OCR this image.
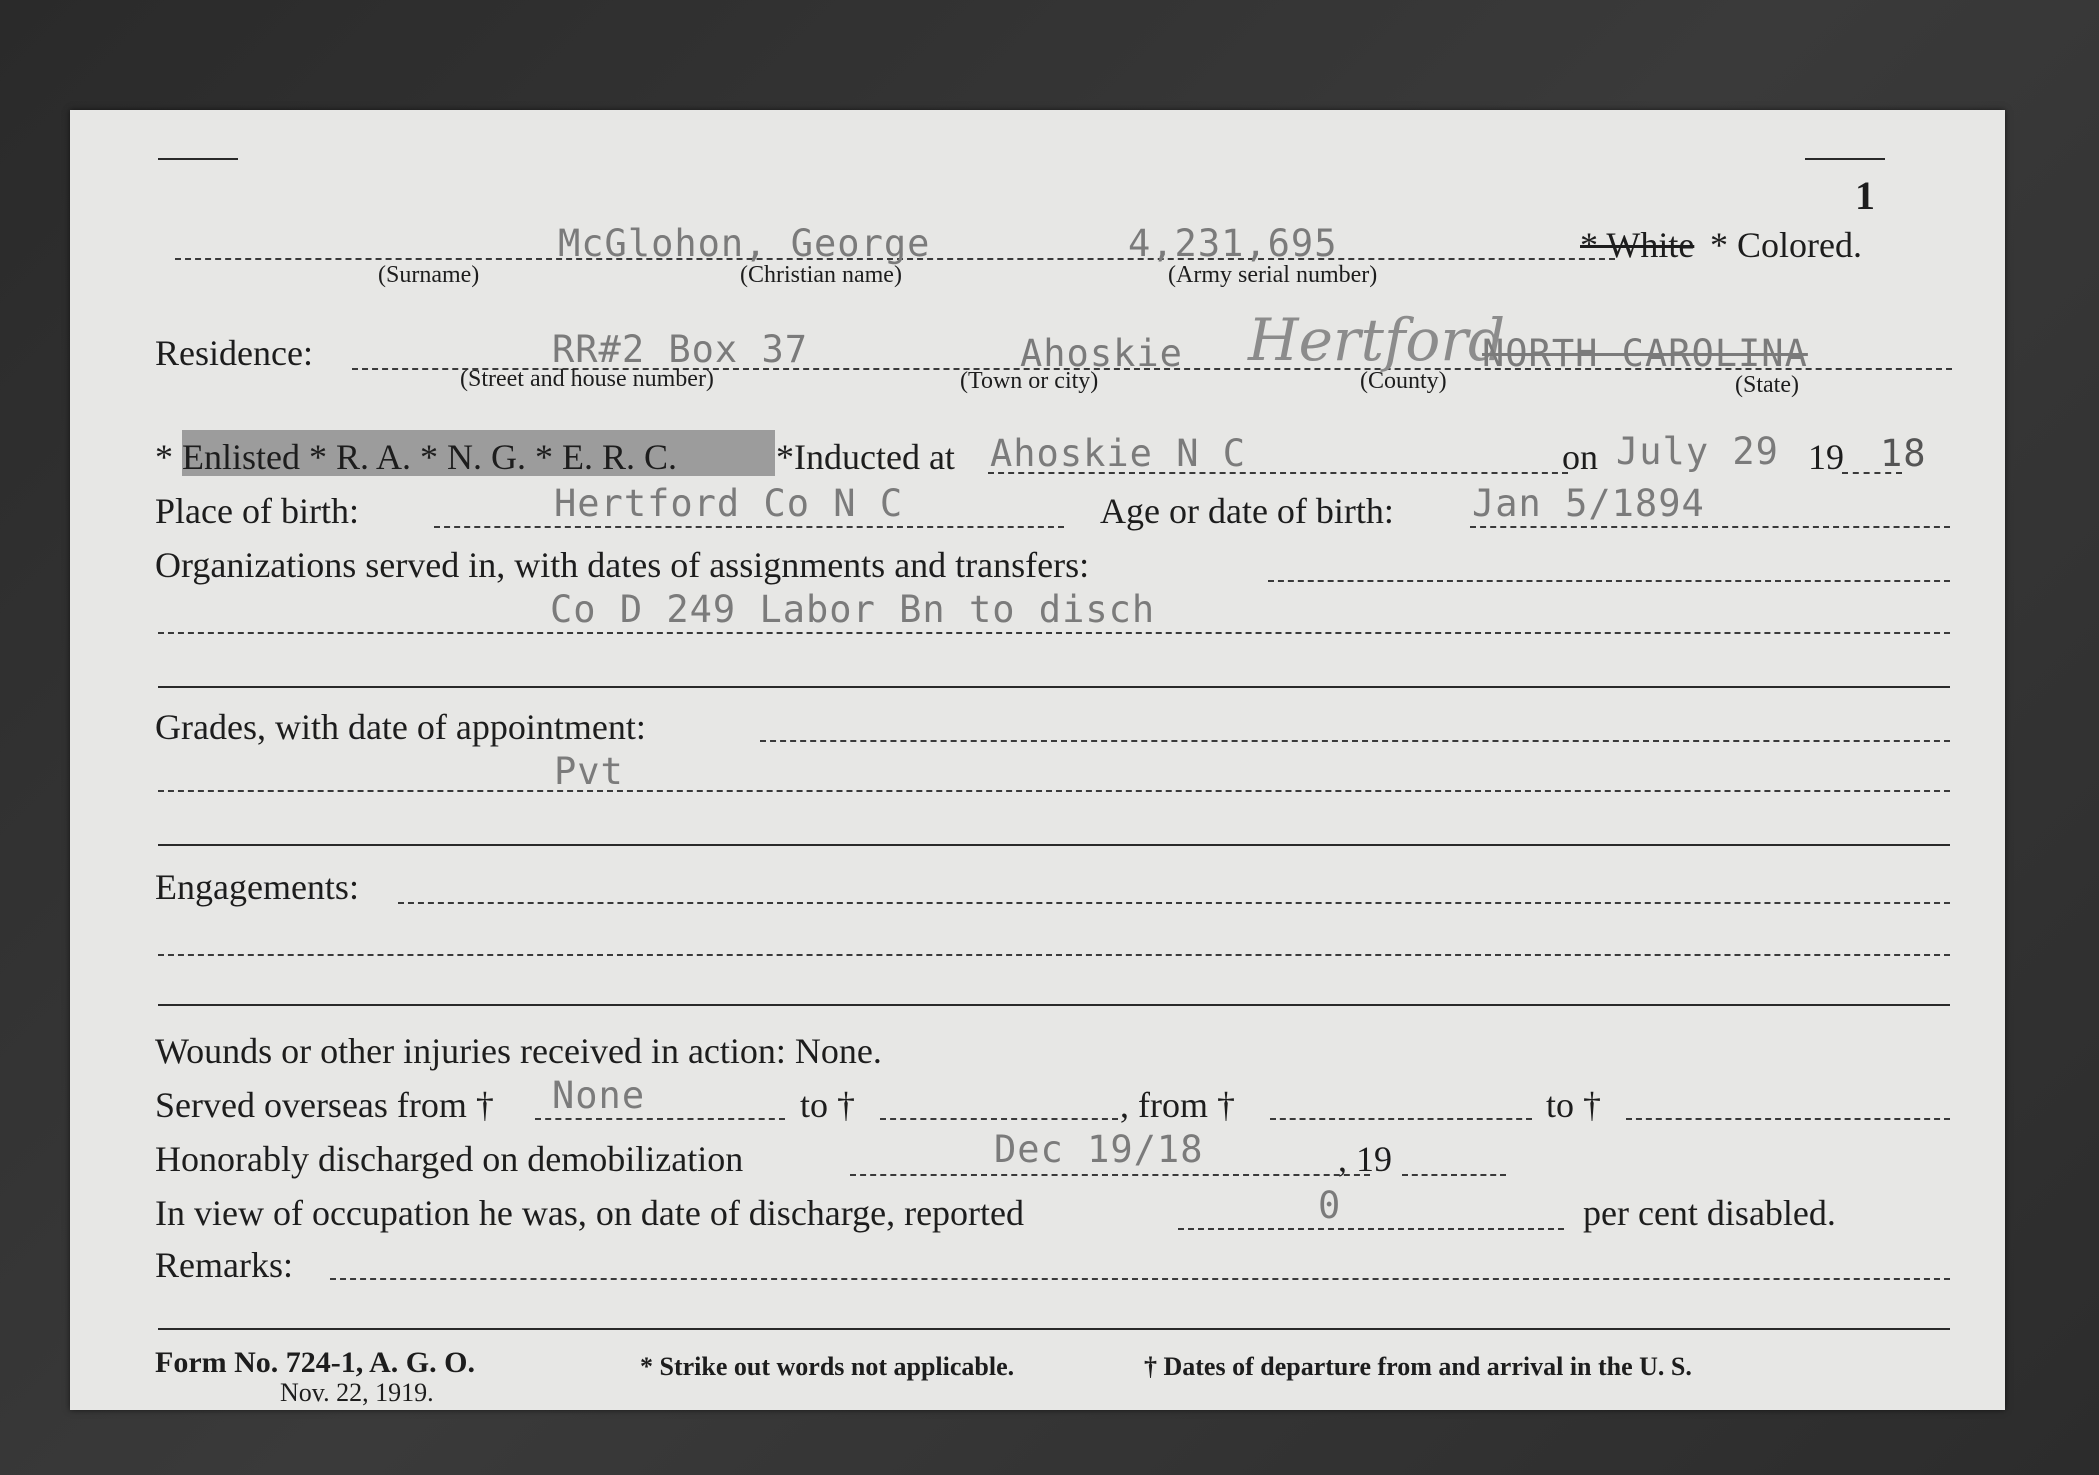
1
McGlohon, George	4,231,695	* White * Colored.
(Surname)	(Christian name)	(Army serial number)
Residence:	RR#2 Box 37	Ahoskie Hertford
NORTH CAROLINA
(Street and house number)	(Town or city)	(County)	(State)
* Enlisted * R. A. * N. G. * E. R. C.	*Inducted at Ahoskie N C	on July 29 19 18
Place of birth:	Hertford Co N C	Age or date of birth: Jan 5/1894
Organizations served in, with dates of assignments and transfers:
Co D 249 Labor Bn to disch
Grades, with date of appointment:
Pvt
Engagements:
Wounds or other injuries received in action: None.
Served overseas from † None	to †	, from †	to †
Honorably discharged on demobilization	Dec 19/18	, 19
In view of occupation he was, on date of discharge, reported	0	per cent disabled.
Remarks:
Form No. 724-1, A. G. O.
Nov. 22, 1919.
* Strike out words not applicable.	† Dates of departure from and arrival in the U. S.
